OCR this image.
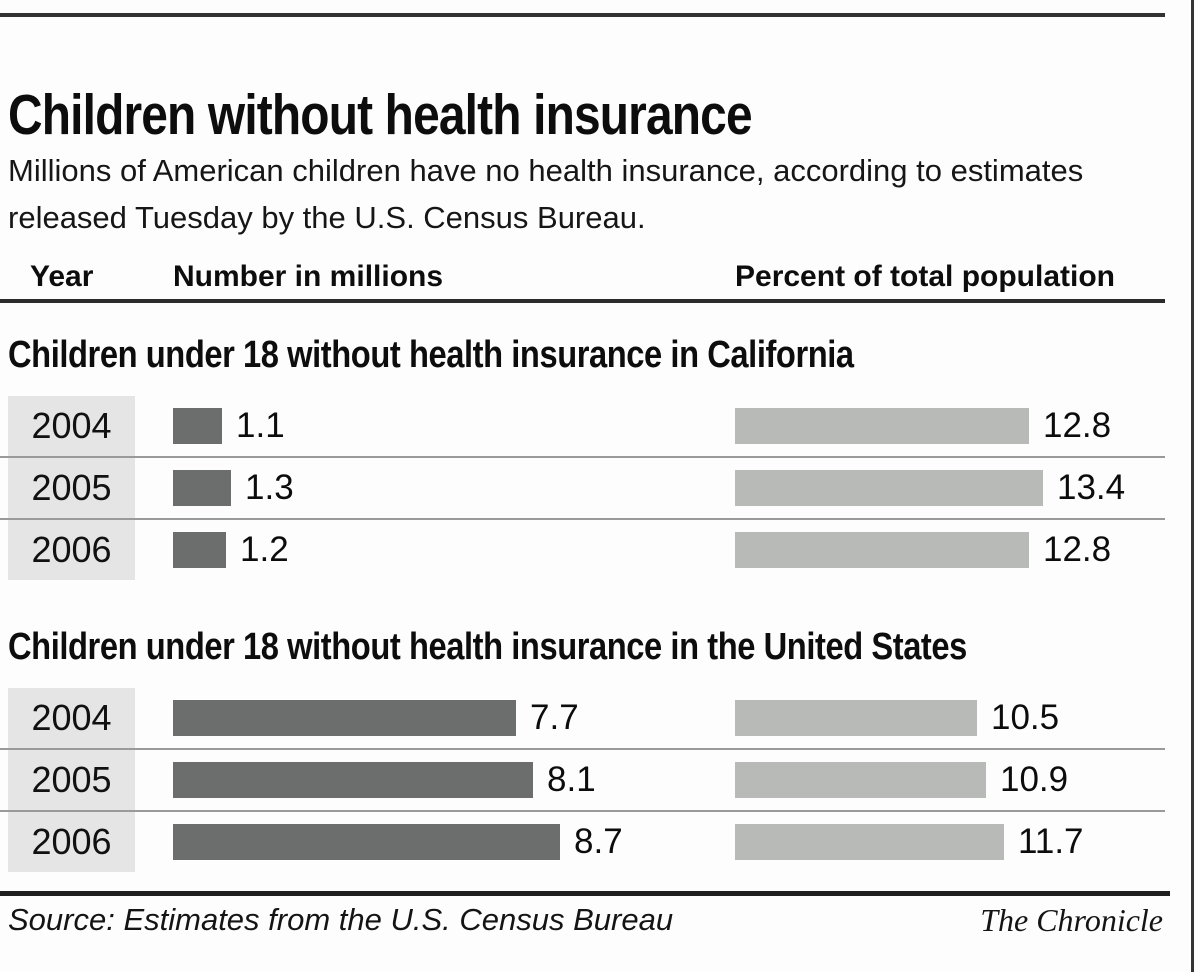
Children without health insurance

Millions of American children have no health insurance, according to estimates released Tuesday by the U.S. Census Bureau.

Year	Number in millions	Percent of total population
Children under 18 without health insurance in California
2004	1.1	12.8
2005	1.3	13.4
2006	1.2	12.8
Children under 18 without health insurance in the United States
2004	7.7	10.5
2005	8.1	10.9
2006	8.7	11.7
Source: Estimates from the U.S. Census Bureau	The Chronicle
